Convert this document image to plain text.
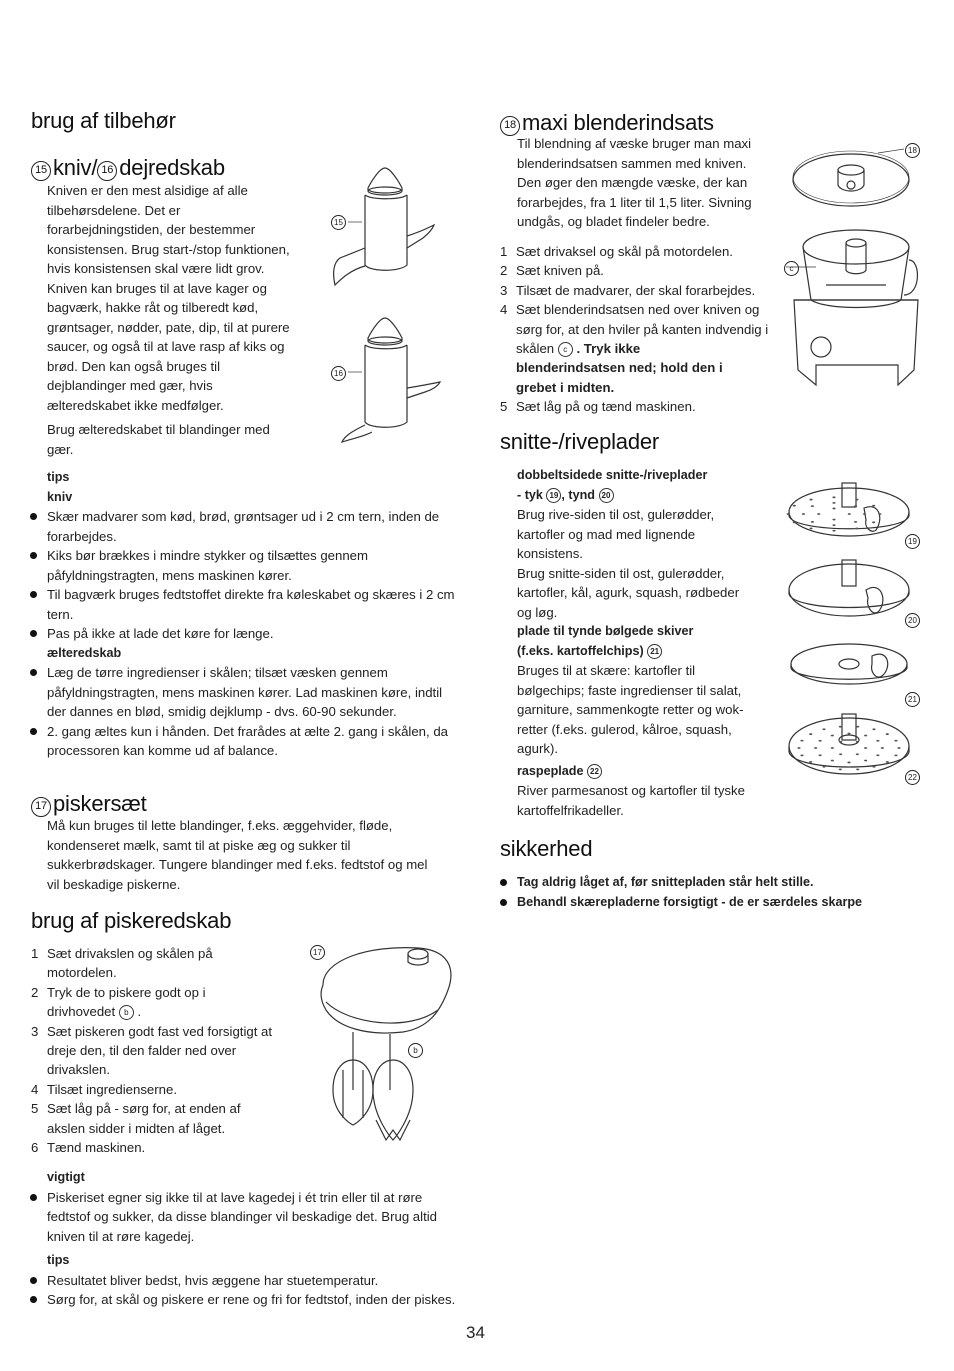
brug af tilbehør
15 kniv/ 16 dejredskab
Kniven er den mest alsidige af alle
tilbehørsdelene. Det er
forarbejdningstiden, der bestemmer
konsistensen. Brug start-/stop funktionen,
hvis konsistensen skal være lidt grov.
Kniven kan bruges til at lave kager og
bagværk, hakke råt og tilberedt kød,
grøntsager, nødder, pate, dip, til at purere
saucer, og også til at lave rasp af kiks og
brød. Den kan også bruges til
dejblandinger med gær, hvis
ælteredskabet ikke medfølger.
Brug ælteredskabet til blandinger med
gær.
15
16
tips
kniv
Skær madvarer som kød, brød, grøntsager ud i 2 cm tern, inden de forarbejdes.
Kiks bør brækkes i mindre stykker og tilsættes gennem påfyldningstragten, mens maskinen kører.
Til bagværk bruges fedtstoffet direkte fra køleskabet og skæres i 2 cm tern.
Pas på ikke at lade det køre for længe.
ælteredskab
Læg de tørre ingredienser i skålen; tilsæt væsken gennem påfyldningstragten, mens maskinen kører. Lad maskinen køre, indtil der dannes en blød, smidig dejklump - dvs. 60-90 sekunder.
2. gang æltes kun i hånden. Det frarådes at ælte 2. gang i skålen, da processoren kan komme ud af balance.
17 piskersæt
Må kun bruges til lette blandinger, f.eks. æggehvider, fløde,
kondenseret mælk, samt til at piske æg og sukker til
sukkerbrødskager. Tungere blandinger med f.eks. fedtstof og mel
vil beskadige piskerne.
brug af piskeredskab
1 Sæt drivakslen og skålen på
motordelen.
2 Tryk de to piskere godt op i
drivhovedet b .
3 Sæt piskeren godt fast ved forsigtigt at
dreje den, til den falder ned over
drivakslen.
4 Tilsæt ingredienserne.
5 Sæt låg på - sørg for, at enden af
akslen sidder i midten af låget.
6 Tænd maskinen.
17
b
vigtigt
Piskeriset egner sig ikke til at lave kagedej i ét trin eller til at røre fedtstof og sukker, da disse blandinger vil beskadige det. Brug altid kniven til at røre kagedej.
tips
Resultatet bliver bedst, hvis æggene har stuetemperatur.
Sørg for, at skål og piskere er rene og fri for fedtstof, inden der piskes.
34
18 maxi blenderindsats
Til blendning af væske bruger man maxi
blenderindsatsen sammen med kniven.
Den øger den mængde væske, der kan
forarbejdes, fra 1 liter til 1,5 liter. Sivning
undgås, og bladet findeler bedre.
1 Sæt drivaksel og skål på motordelen.
2 Sæt kniven på.
3 Tilsæt de madvarer, der skal forarbejdes.
4 Sæt blenderindsatsen ned over kniven og
sørg for, at den hviler på kanten indvendig i
skålen c . Tryk ikke
blenderindsatsen ned; hold den i
grebet i midten.
5 Sæt låg på og tænd maskinen.
18
c
snitte-/riveplader
dobbeltsidede snitte-/riveplader
- tyk 19 , tynd 20
Brug rive-siden til ost, gulerødder,
kartofler og mad med lignende
konsistens.
Brug snitte-siden til ost, gulerødder,
kartofler, kål, agurk, squash, rødbeder
og løg.
plade til tynde bølgede skiver
(f.eks. kartoffelchips) 21
Bruges til at skære: kartofler til
bølgechips; faste ingredienser til salat,
garniture, sammenkogte retter og wok-
retter (f.eks. gulerod, kålroe, squash,
agurk).
raspeplade 22
River parmesanost og kartofler til tyske
kartoffelfrikadeller.
19
20
21
22
sikkerhed
Tag aldrig låget af, før snittepladen står helt stille.
Behandl skærepladerne forsigtigt - de er særdeles skarpe
